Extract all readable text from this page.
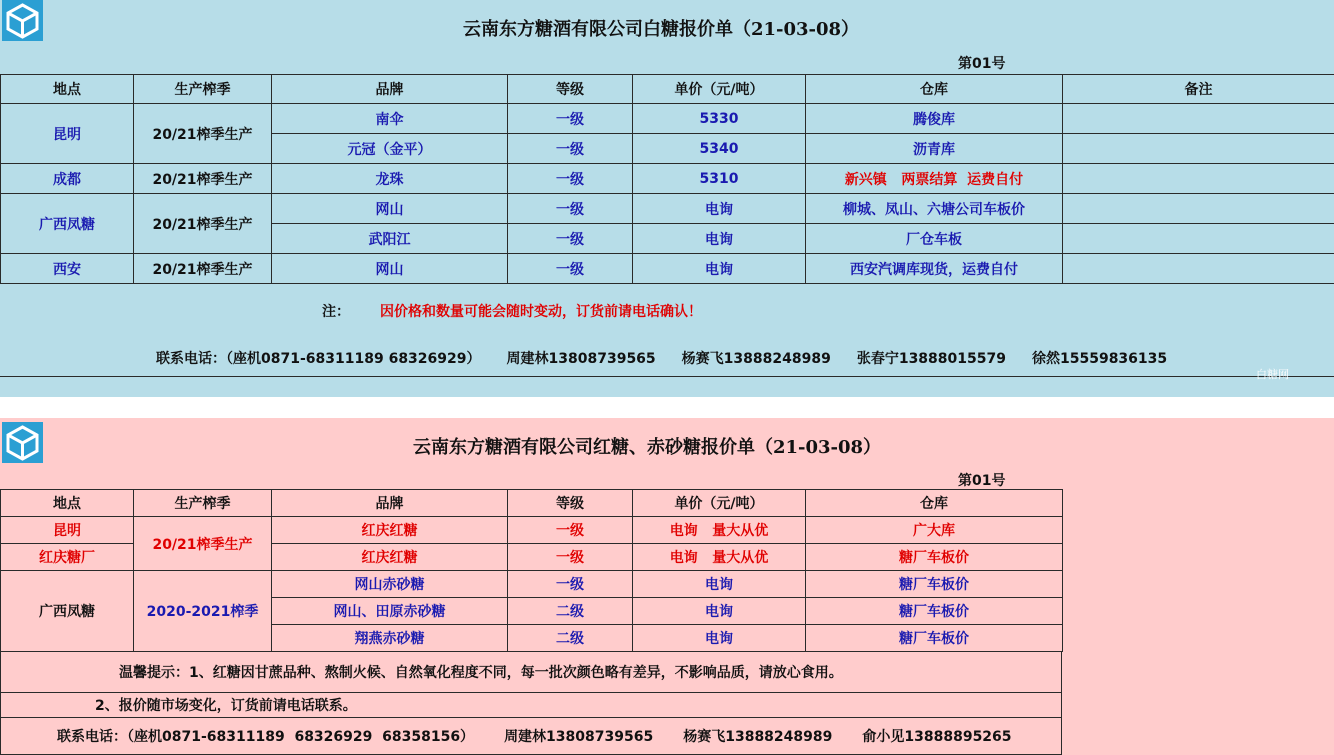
云南东方糖酒有限公司白糖报价单（21-03-08）
第01号
地点	生产榨季	品牌	等级	单价（元/吨）	仓库	备注
昆明	20/21榨季生产	南伞	一级	5330	腾俊库	
		元冠（金平）	一级	5340	沥青库	
成都	20/21榨季生产	龙珠	一级	5310	新兴镇   两票结算  运费自付	
广西凤糖	20/21榨季生产	网山	一级	电询	柳城、凤山、六塘公司车板价	
		武阳江	一级	电询	厂仓车板	
西安	20/21榨季生产	网山	一级	电询	西安汽调库现货，运费自付	
注： 因价格和数量可能会随时变动，订货前请电话确认！
联系电话：（座机0871-68311189 68326929） 周建林13808739565 杨赛飞13888248989 张春宁13888015579 徐然15559836135
白糖网
云南东方糖酒有限公司红糖、赤砂糖报价单（21-03-08）
第01号
地点	生产榨季	品牌	等级	单价（元/吨）	仓库
昆明	20/21榨季生产	红庆红糖	一级	电询   量大从优	广大库
红庆糖厂		红庆红糖	一级	电询   量大从优	糖厂车板价
广西凤糖	2020-2021榨季	网山赤砂糖	一级	电询	糖厂车板价
		网山、田原赤砂糖	二级	电询	糖厂车板价
		翔燕赤砂糖	二级	电询	糖厂车板价
温馨提示：1、红糖因甘蔗品种、熬制火候、自然氧化程度不同，每一批次颜色略有差异，不影响品质，请放心食用。
2、报价随市场变化，订货前请电话联系。
联系电话：（座机0871-68311189  68326929  68358156） 周建林13808739565 杨赛飞13888248989 俞小见13888895265
